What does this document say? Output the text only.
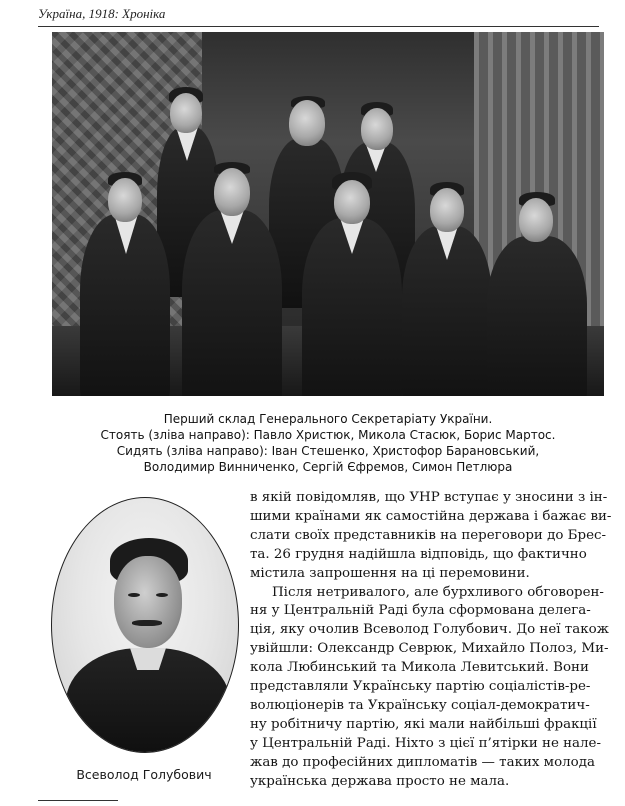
Україна, 1918: Хроніка
Перший склад Генерального Секретаріату України.
Стоять (зліва направо): Павло Христюк, Микола Стасюк, Борис Мартос.
Сидять (зліва направо): Іван Стешенко, Христофор Барановський,
Володимир Винниченко, Сергій Єфремов, Симон Петлюра
Всеволод Голубович
в якій повідомляв, що УНР вступає у зносини з ін-
шими країнами як самостійна держава і бажає ви-
слати своїх представників на переговори до Брес-
та. 26 грудня надійшла відповідь, що фактично
містила запрошення на ці перемовини.
Після нетривалого, але бурхливого обговорен-
ня у Центральній Раді була сформована делега-
ція, яку очолив Всеволод Голубович. До неї також
увійшли: Олександр Севрюк, Михайло Полоз, Ми-
кола Любинський та Микола Левитський. Вони
представляли Українську партію соціалістів-ре-
волюціонерів та Українську соціал-демократич-
ну робітничу партію, які мали найбільші фракції
у Центральній Раді. Ніхто з цієї п’ятірки не нале-
жав до професійних дипломатів — таких молода
українська держава просто не мала.
